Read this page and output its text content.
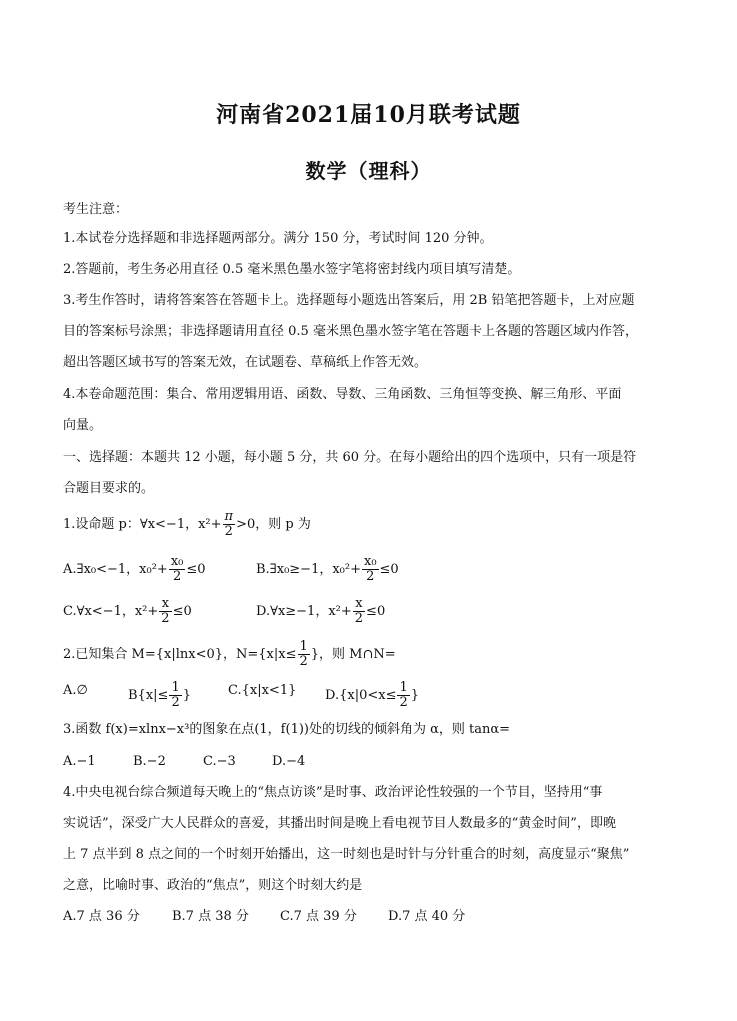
河南省2021届10月联考试题
数学（理科）
考生注意：
1.本试卷分选择题和非选择题两部分。满分 150 分，考试时间 120 分钟。
2.答题前，考生务必用直径 0.5 毫米黑色墨水签字笔将密封线内项目填写清楚。
3.考生作答时，请将答案答在答题卡上。选择题每小题选出答案后，用 2B 铅笔把答题卡，上对应题
目的答案标号涂黑；非选择题请用直径 0.5 毫米黑色墨水签字笔在答题卡上各题的答题区域内作答，
超出答题区域书写的答案无效，在试题卷、草稿纸上作答无效。
4.本卷命题范围：集合、常用逻辑用语、函数、导数、三角函数、三角恒等变换、解三角形、平面
向量。
一、选择题：本题共 12 小题，每小题 5 分，共 60 分。在每小题给出的四个选项中，只有一项是符
合题目要求的。
1.设命题 p：∀x<−1，$x^2+ \frac{\pi}{2} >0$，则 p 为
A.∃x₀<−1，$x_0^2+ \frac{\text{x₀}}{2} \le 0$	B.∃x₀≥−1，$x_0^2+ \frac{\text{x₀}}{2} \le 0$
C.∀x<−1，$x^2+ \frac{x}{2} \le 0$	D.∀x≥−1，$x^2+ \frac{x}{2} \le 0$
2.已知集合 M={x|lnx<0}，$N=\{x|x\le \frac{1}{2}$ }，则 M∩N=
A.∅	$B\{x|\le \frac{1}{2}$ }	C.{x|x<1} $D.\{x|0<x\le \frac{1}{2}$ }
3.函数 f(x)=xlnx−x³的图象在点(1，f(1))处的切线的倾斜角为 α，则 tanα=
A.−1	B.−2	C.−3	D.−4
4.中央电视台综合频道每天晚上的“焦点访谈”是时事、政治评论性较强的一个节目，坚持用“事
实说话”，深受广大人民群众的喜爱，其播出时间是晚上看电视节目人数最多的“黄金时间”，即晚
上 7 点半到 8 点之间的一个时刻开始播出，这一时刻也是时针与分针重合的时刻，高度显示“聚焦”
之意，比喻时事、政治的“焦点”，则这个时刻大约是
A.7 点 36 分 B.7 点 38 分 C.7 点 39 分 D.7 点 40 分
